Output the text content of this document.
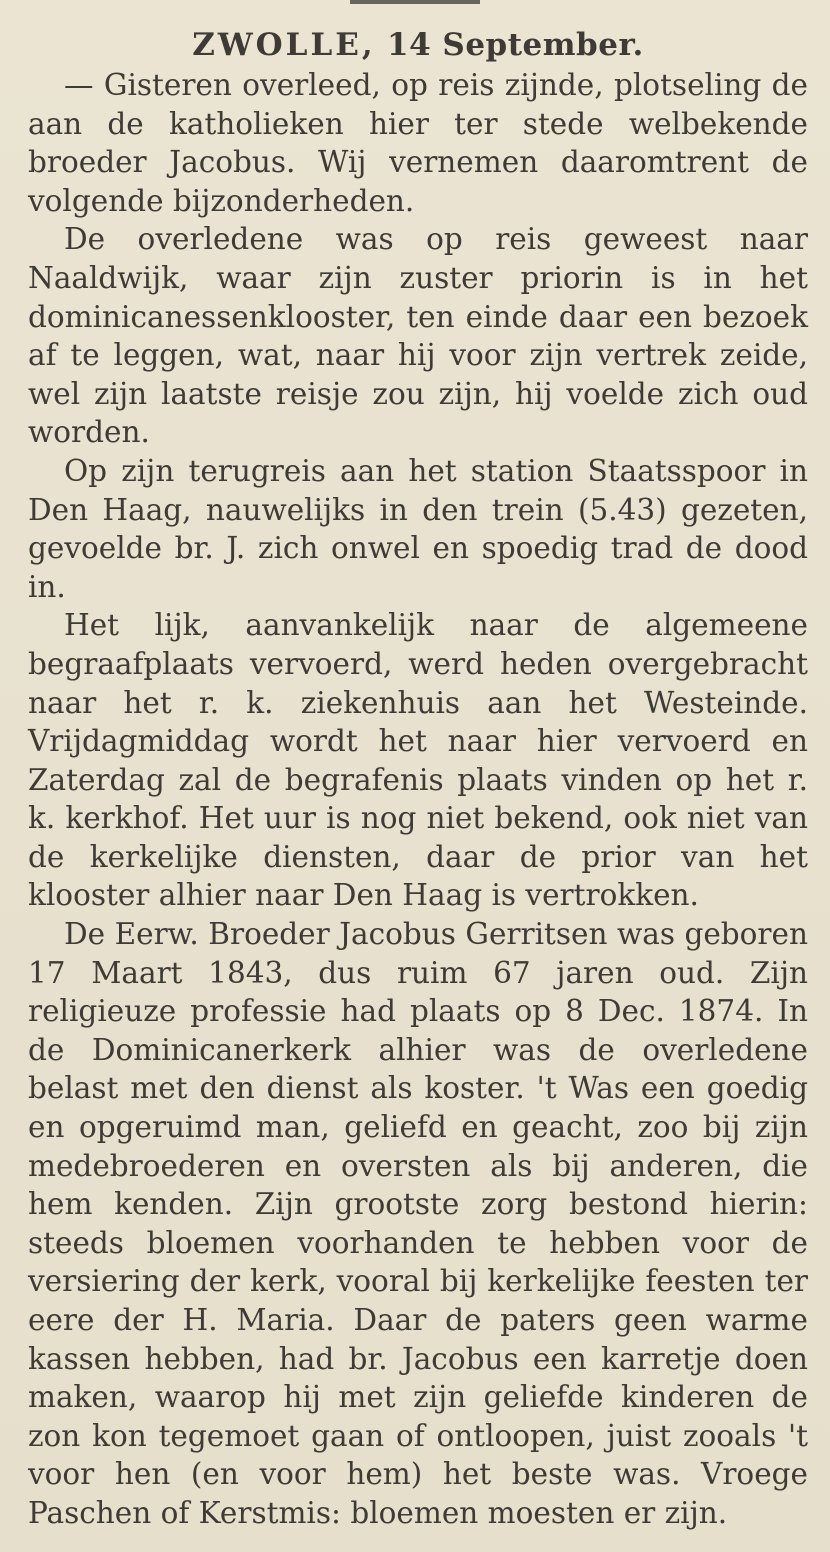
ZWOLLE, 14 September.

— Gisteren overleed, op reis zijnde, plotseling de aan de katholieken hier ter stede welbekende broeder Jacobus. Wij vernemen daaromtrent de volgende bijzonderheden.

De overledene was op reis geweest naar Naaldwijk, waar zijn zuster priorin is in het dominicanessenklooster, ten einde daar een bezoek af te leggen, wat, naar hij voor zijn vertrek zeide, wel zijn laatste reisje zou zijn, hij voelde zich oud worden.

Op zijn terugreis aan het station Staatsspoor in Den Haag, nauwelijks in den trein (5.43) gezeten, gevoelde br. J. zich onwel en spoedig trad de dood in.

Het lijk, aanvankelijk naar de algemeene begraafplaats vervoerd, werd heden overgebracht naar het r. k. ziekenhuis aan het Westeinde. Vrijdagmiddag wordt het naar hier vervoerd en Zaterdag zal de begrafenis plaats vinden op het r. k. kerkhof. Het uur is nog niet bekend, ook niet van de kerkelijke diensten, daar de prior van het klooster alhier naar Den Haag is vertrokken.

De Eerw. Broeder Jacobus Gerritsen was geboren 17 Maart 1843, dus ruim 67 jaren oud. Zijn religieuze professie had plaats op 8 Dec. 1874. In de Dominicanerkerk alhier was de overledene belast met den dienst als koster. 't Was een goedig en opgeruimd man, geliefd en geacht, zoo bij zijn medebroederen en oversten als bij anderen, die hem kenden. Zijn grootste zorg bestond hierin: steeds bloemen voorhanden te hebben voor de versiering der kerk, vooral bij kerkelijke feesten ter eere der H. Maria. Daar de paters geen warme kassen hebben, had br. Jacobus een karretje doen maken, waarop hij met zijn geliefde kinderen de zon kon tegemoet gaan of ontloopen, juist zooals 't voor hen (en voor hem) het beste was. Vroege Paschen of Kerstmis: bloemen moesten er zijn.
